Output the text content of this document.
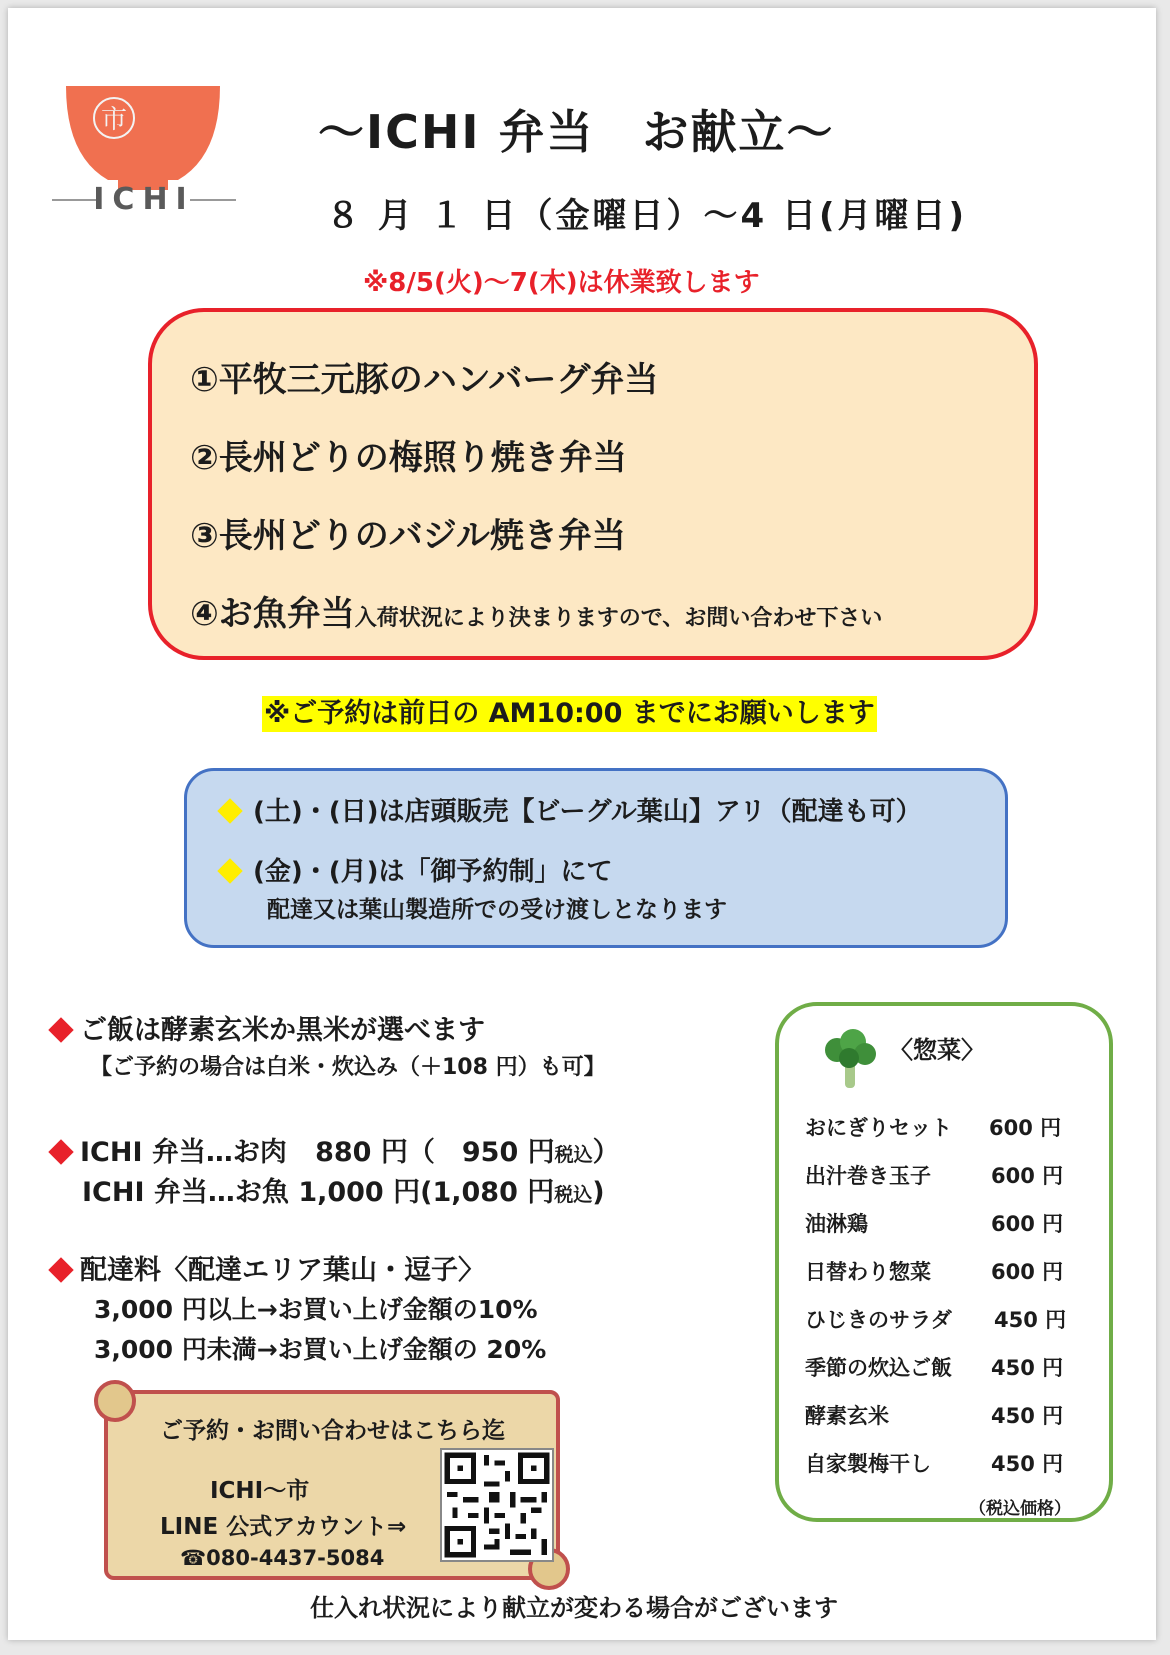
市
ICHI
〜ICHI 弁当　お献立〜
８ 月 １ 日（金曜日）〜4 日(月曜日)
※8/5(火)〜7(木)は休業致します
①平牧三元豚のハンバーグ弁当
②長州どりの梅照り焼き弁当
③長州どりのバジル焼き弁当
④お魚弁当入荷状況により決まりますので、お問い合わせ下さい
※ご予約は前日の AM10:00 までにお願いします
(土)・(日)は店頭販売【ビーグル葉山】アリ（配達も可）
(金)・(月)は「御予約制」にて
配達又は葉山製造所での受け渡しとなります
ご飯は酵素玄米か黒米が選べます
【ご予約の場合は白米・炊込み（＋108 円）も可】
ICHI 弁当…お肉 880 円（　950 円税込）
ICHI 弁当…お魚 1,000 円(1,080 円税込)
配達料〈配達エリア葉山・逗子〉
3,000 円以上→お買い上げ金額の10%
3,000 円未満→お買い上げ金額の 20%
ご予約・お問い合わせはこちら迄
ICHI〜市
LINE 公式アカウント⇒
☎080-4437-5084
〈惣菜〉
おにぎりセット 600 円
出汁巻き玉子	600 円
油淋鶏	600 円
日替わり惣菜	600 円
ひじきのサラダ 450 円
季節の炊込ご飯 450 円
酵素玄米	450 円
自家製梅干し	450 円
（税込価格）
仕入れ状況により献立が変わる場合がございます
